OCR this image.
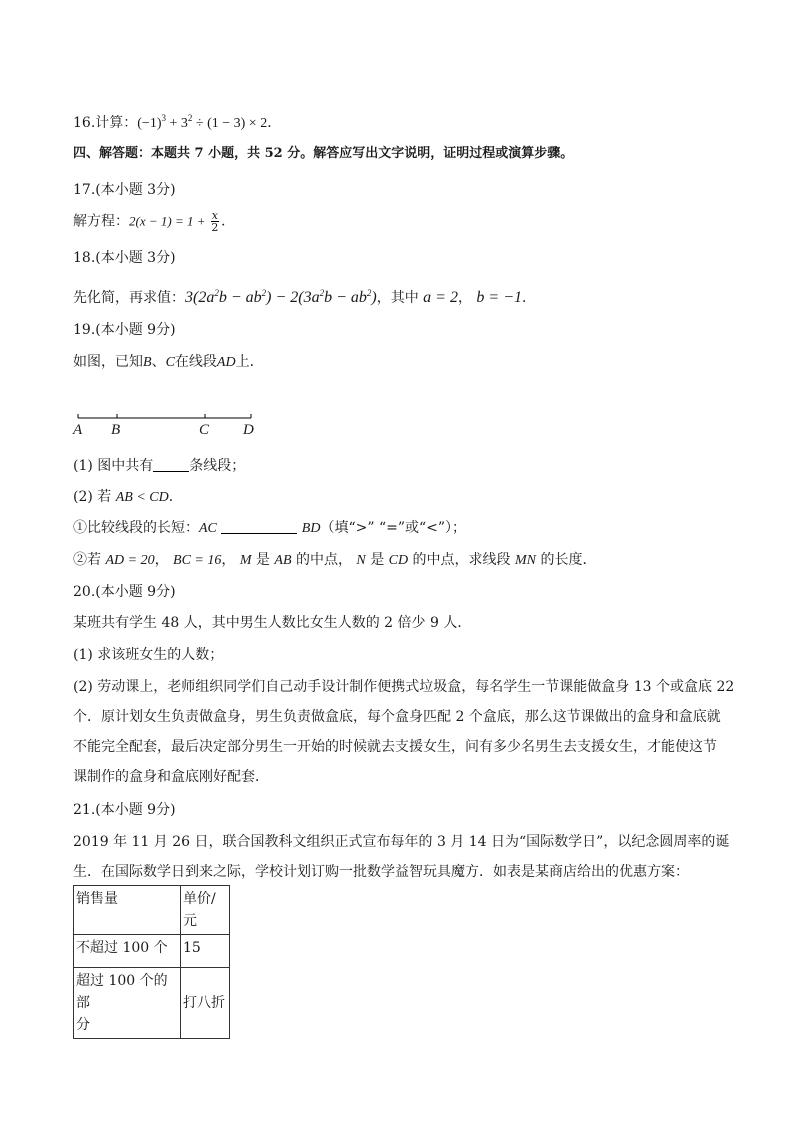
16.计算：$(-1)^3 + 3^2 \div (1 - 3) \times 2$．
四、解答题：本题共 7 小题，共 52 分。解答应写出文字说明，证明过程或演算步骤。
17.(本小题 3分)
解方程：$2(x - 1) = 1 + \frac{x}{2}$ .
18.(本小题 3分)
先化简，再求值：$3(2a^2b - ab^2) - 2(3a^2b - ab^2)$，其中 a = 2， b = −1．
19.(本小题 9分)
如图，已知B、C在线段AD上．
A B	C D
(1) 图中共有	条线段；
(2) 若 AB < CD．
①比较线段的长短：AC	BD（填“>” “=”或“<”）；
②若 AD = 20， BC = 16， M 是 AB 的中点， N 是 CD 的中点，求线段 MN 的长度．
20.(本小题 9分)
某班共有学生 48 人，其中男生人数比女生人数的 2 倍少 9 人．
(1) 求该班女生的人数；
(2) 劳动课上，老师组织同学们自己动手设计制作便携式垃圾盒，每名学生一节课能做盒身 13 个或盒底 22
个．原计划女生负责做盒身，男生负责做盒底，每个盒身匹配 2 个盒底，那么这节课做出的盒身和盒底就
不能完全配套，最后决定部分男生一开始的时候就去支援女生，问有多少名男生去支援女生，才能使这节
课制作的盒身和盒底刚好配套．
21.(本小题 9分)
2019 年 11 月 26 日，联合国教科文组织正式宣布每年的 3 月 14 日为“国际数学日”，以纪念圆周率的诞
生．在国际数学日到来之际，学校计划订购一批数学益智玩具魔方．如表是某商店给出的优惠方案：
销售量	单价/元
不超过 100 个	15
超过 100 个的部
分	打八折
